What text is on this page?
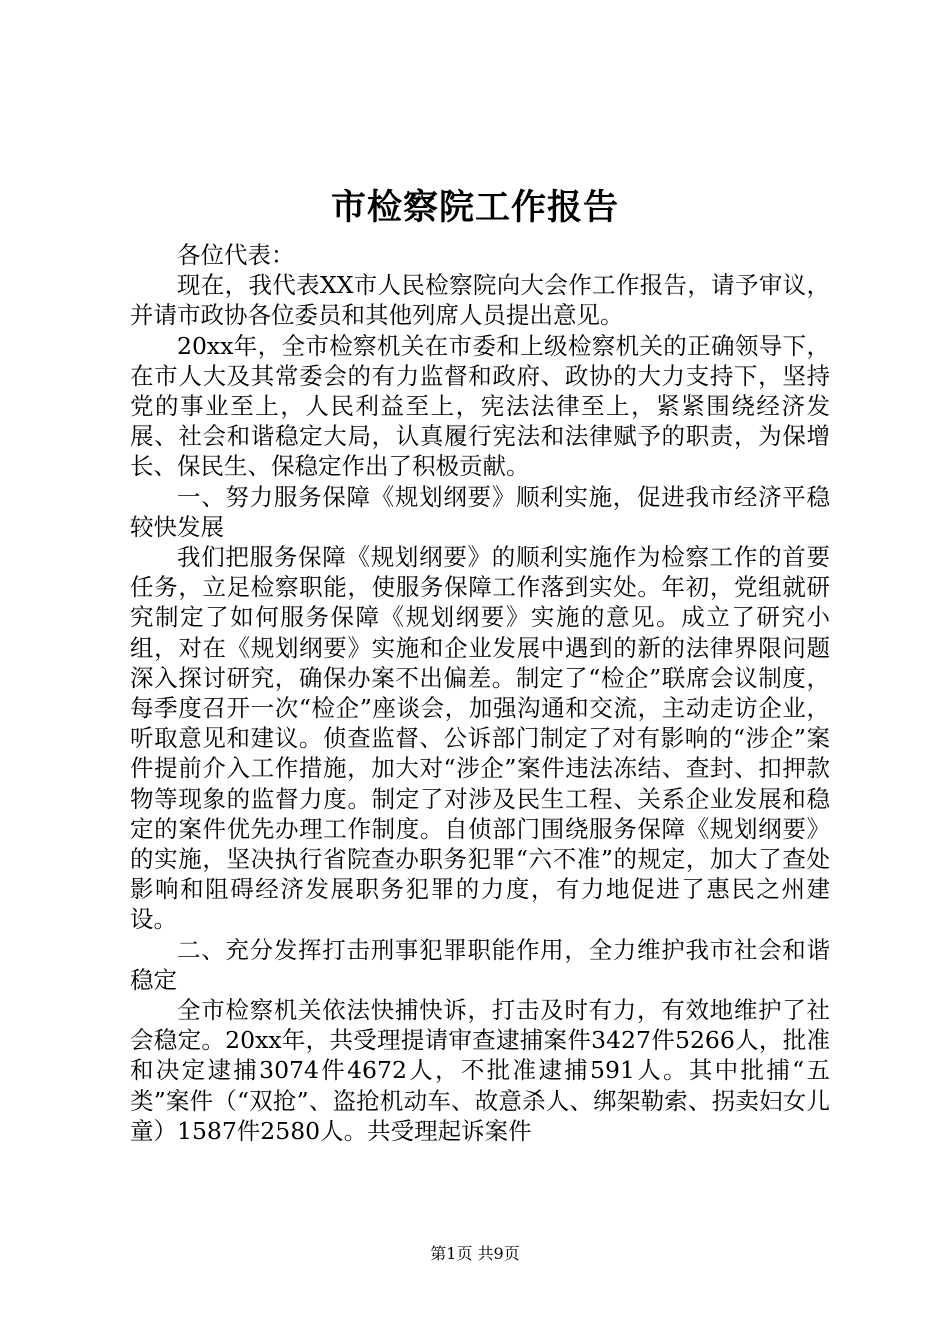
市检察院工作报告

各位代表：

现在，我代表XX市人民检察院向大会作工作报告，请予审议，并请市政协各位委员和其他列席人员提出意见。

20xx年，全市检察机关在市委和上级检察机关的正确领导下，在市人大及其常委会的有力监督和政府、政协的大力支持下，坚持党的事业至上，人民利益至上，宪法法律至上，紧紧围绕经济发展、社会和谐稳定大局，认真履行宪法和法律赋予的职责，为保增长、保民生、保稳定作出了积极贡献。

一、努力服务保障《规划纲要》顺利实施，促进我市经济平稳较快发展

我们把服务保障《规划纲要》的顺利实施作为检察工作的首要任务，立足检察职能，使服务保障工作落到实处。年初，党组就研究制定了如何服务保障《规划纲要》实施的意见。成立了研究小组，对在《规划纲要》实施和企业发展中遇到的新的法律界限问题深入探讨研究，确保办案不出偏差。制定了“检企”联席会议制度，每季度召开一次“检企”座谈会，加强沟通和交流，主动走访企业，听取意见和建议。侦查监督、公诉部门制定了对有影响的“涉企”案件提前介入工作措施，加大对“涉企”案件违法冻结、查封、扣押款物等现象的监督力度。制定了对涉及民生工程、关系企业发展和稳定的案件优先办理工作制度。自侦部门围绕服务保障《规划纲要》的实施，坚决执行省院查办职务犯罪“六不准”的规定，加大了查处影响和阻碍经济发展职务犯罪的力度，有力地促进了惠民之州建设。

二、充分发挥打击刑事犯罪职能作用，全力维护我市社会和谐稳定

全市检察机关依法快捕快诉，打击及时有力，有效地维护了社会稳定。20xx年，共受理提请审查逮捕案件3427件5266人，批准和决定逮捕3074件4672人，不批准逮捕591人。其中批捕“五类”案件（“双抢”、盗抢机动车、故意杀人、绑架勒索、拐卖妇女儿童）1587件2580人。共受理起诉案件

第1页 共9页
